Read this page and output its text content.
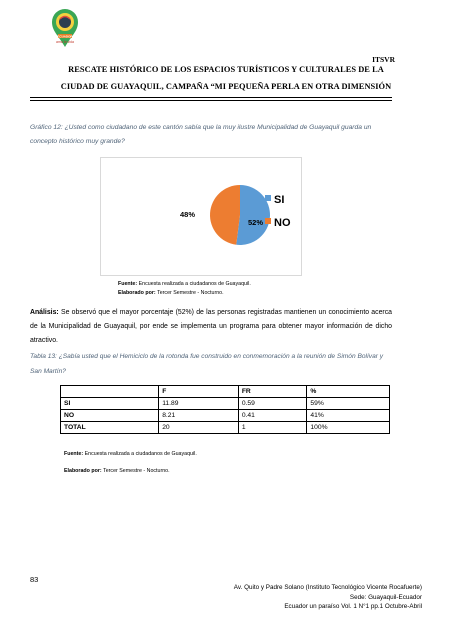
ECUADOR
ama la vida
ITSVR
RESCATE HISTÓRICO DE LOS ESPACIOS TURÍSTICOS Y CULTURALES DE LA
CIUDAD DE GUAYAQUIL, CAMPAÑA “MI PEQUEÑA PERLA EN OTRA DIMENSIÓN
Gráfico 12: ¿Usted como ciudadano de este cantón sabía que la muy ilustre Municipalidad de Guayaquil guarda un concepto histórico muy grande?
48%
52%
SI
NO
Fuente: Encuesta realizada a ciudadanos de Guayaquil.
Elaborado por: Tercer Semestre - Nocturno.
Análisis: Se observó que el mayor porcentaje (52%) de las personas registradas mantienen un conocimiento acerca de la Municipalidad de Guayaquil, por ende se implementa un programa para obtener mayor información de dicho atractivo.
Tabla 13: ¿Sabía usted que el Hemiciclo de la rotonda fue construido en conmemoración a la reunión de Simón Bolívar y San Martín?
	F	FR	%
SI	11.89	0.59	59%
NO	8.21	0.41	41%
TOTAL	20	1	100%
Fuente: Encuesta realizada a ciudadanos de Guayaquil.
Elaborado por: Tercer Semestre - Nocturno.
83
Av. Quito y Padre Solano (Instituto Tecnológico Vicente Rocafuerte)
Sede: Guayaquil-Ecuador
Ecuador un paraíso Vol. 1 N°1 pp.1 Octubre-Abril
